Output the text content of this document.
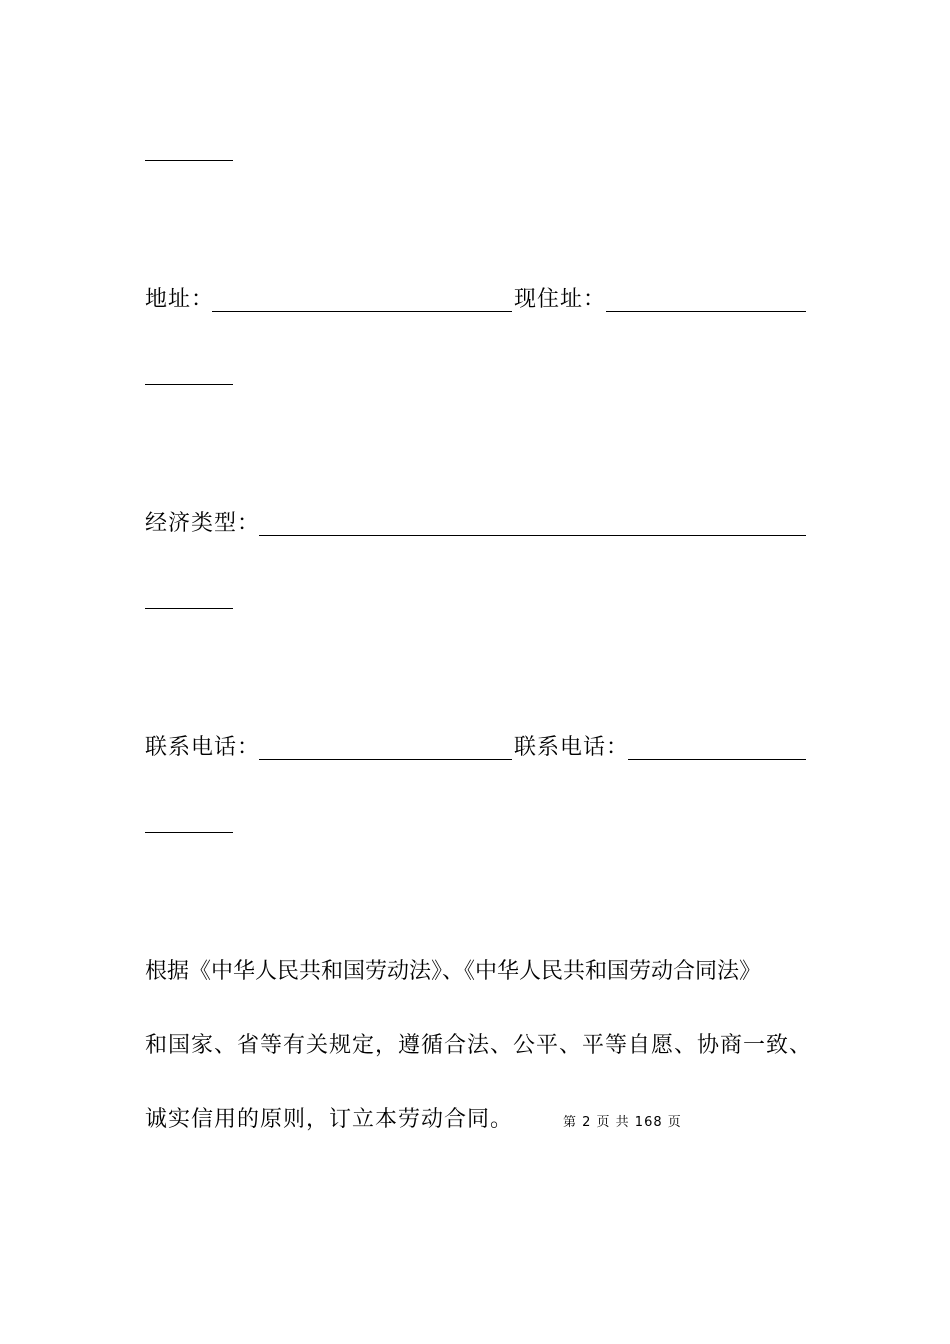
地址：	现住址：
经济类型：
联系电话：	联系电话：
根据《中华人民共和国劳动法》、《中华人民共和国劳动合同法》
和国家、省等有关规定，遵循合法、公平、平等自愿、协商一致、
诚实信用的原则，订立本劳动合同。	第 2 页 共 168 页
